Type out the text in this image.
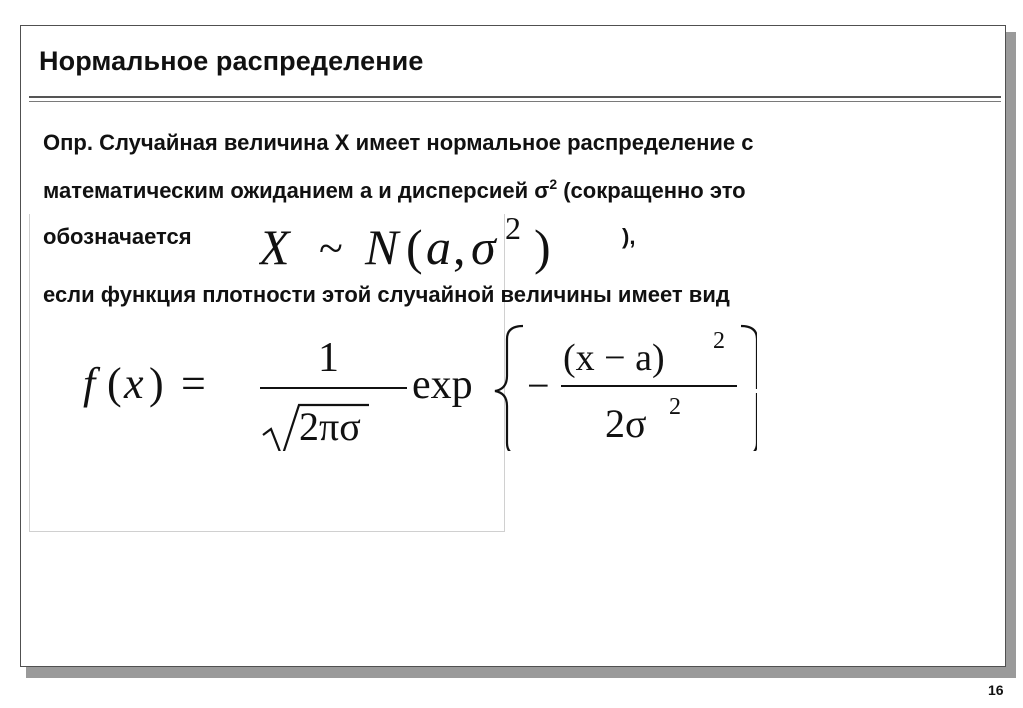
Нормальное распределение

Опр. Случайная величина X имеет нормальное распределение с

математическим ожиданием а и дисперсией $\sigma^2$ (сокращенно это

обозначается	),
X ~ N ( a , σ 2 )

если функция плотности этой случайной величины имеет вид

f ( x ) =
1
2πσ
exp −
(x − a) 2
2σ 2
16
